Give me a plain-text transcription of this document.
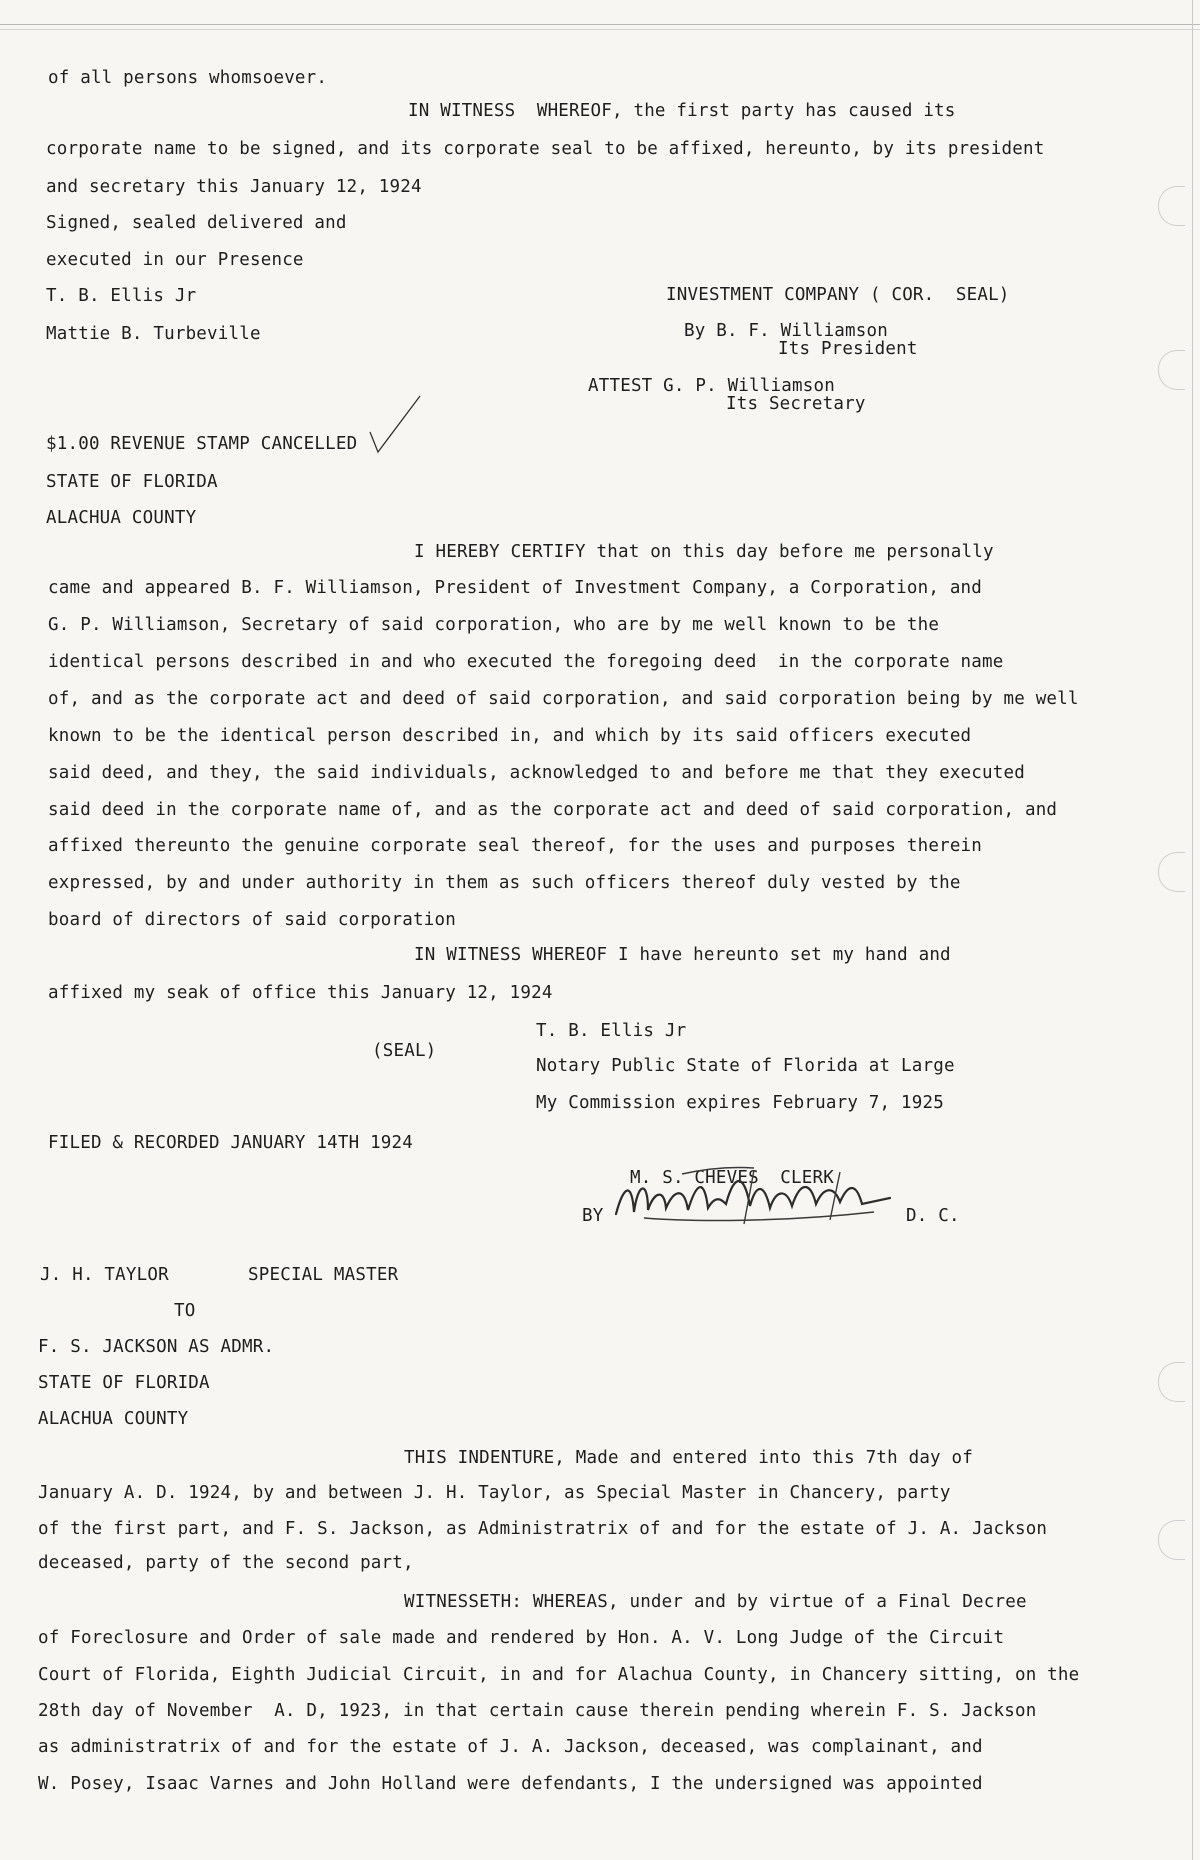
of all persons whomsoever.
IN WITNESS  WHEREOF, the first party has caused its
corporate name to be signed, and its corporate seal to be affixed, hereunto, by its president
and secretary this January 12, 1924
Signed, sealed delivered and
executed in our Presence
T. B. Ellis Jr	INVESTMENT COMPANY ( COR.  SEAL)
Mattie B. Turbeville	By B. F. Williamson
Its President
ATTEST G. P. Williamson
Its Secretary
$1.00 REVENUE STAMP CANCELLED
STATE OF FLORIDA
ALACHUA COUNTY
I HEREBY CERTIFY that on this day before me personally
came and appeared B. F. Williamson, President of Investment Company, a Corporation, and
G. P. Williamson, Secretary of said corporation, who are by me well known to be the
identical persons described in and who executed the foregoing deed  in the corporate name
of, and as the corporate act and deed of said corporation, and said corporation being by me well
known to be the identical person described in, and which by its said officers executed
said deed, and they, the said individuals, acknowledged to and before me that they executed
said deed in the corporate name of, and as the corporate act and deed of said corporation, and
affixed thereunto the genuine corporate seal thereof, for the uses and purposes therein
expressed, by and under authority in them as such officers thereof duly vested by the
board of directors of said corporation
IN WITNESS WHEREOF I have hereunto set my hand and
affixed my seak of office this January 12, 1924
T. B. Ellis Jr
(SEAL)
Notary Public State of Florida at Large
My Commission expires February 7, 1925
FILED & RECORDED JANUARY 14TH 1924
M. S. CHEVES  CLERK
BY	D. C.
J. H. TAYLOR	SPECIAL MASTER
TO
F. S. JACKSON AS ADMR.
STATE OF FLORIDA
ALACHUA COUNTY
THIS INDENTURE, Made and entered into this 7th day of
January A. D. 1924, by and between J. H. Taylor, as Special Master in Chancery, party
of the first part, and F. S. Jackson, as Administratrix of and for the estate of J. A. Jackson
deceased, party of the second part,
WITNESSETH: WHEREAS, under and by virtue of a Final Decree
of Foreclosure and Order of sale made and rendered by Hon. A. V. Long Judge of the Circuit
Court of Florida, Eighth Judicial Circuit, in and for Alachua County, in Chancery sitting, on the
28th day of November  A. D, 1923, in that certain cause therein pending wherein F. S. Jackson
as administratrix of and for the estate of J. A. Jackson, deceased, was complainant, and
W. Posey, Isaac Varnes and John Holland were defendants, I the undersigned was appointed
